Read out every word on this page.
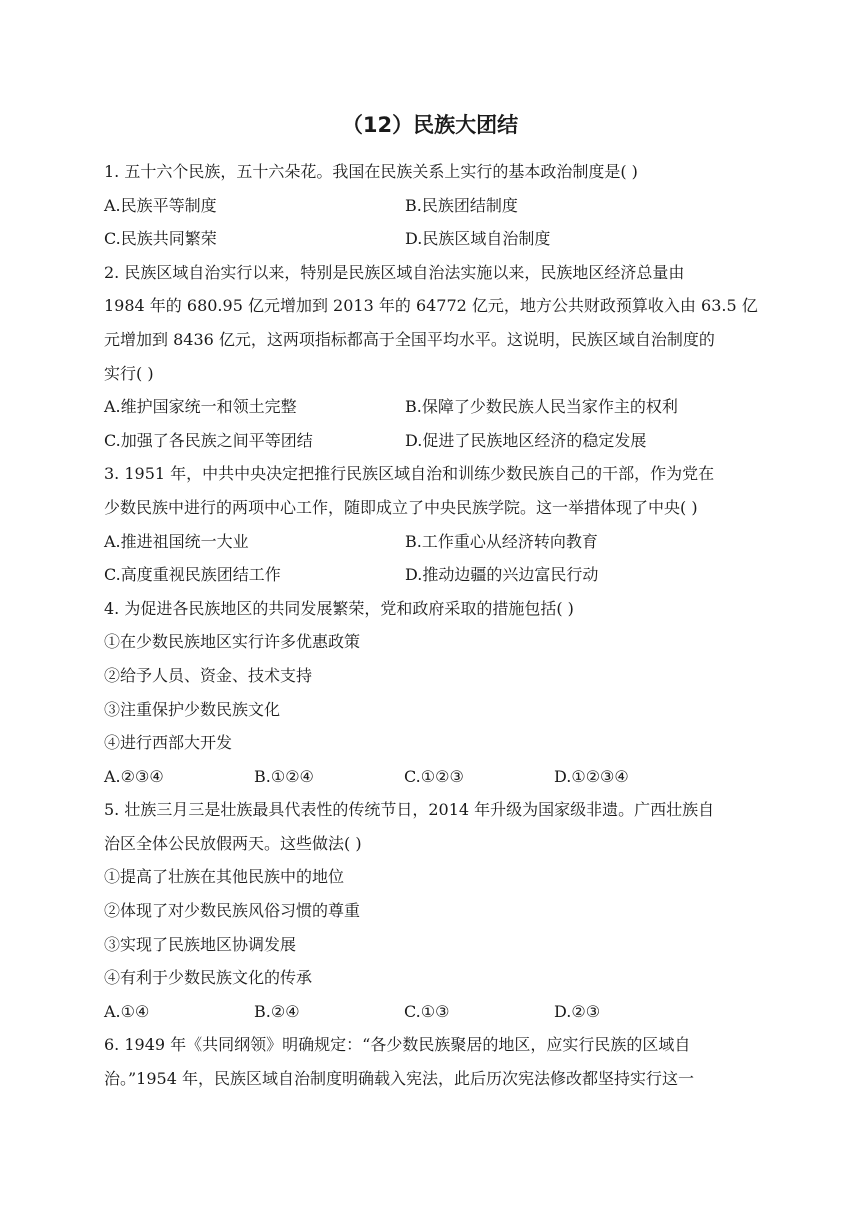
（12）民族大团结
1. 五十六个民族，五十六朵花。我国在民族关系上实行的基本政治制度是( )
A.民族平等制度	B.民族团结制度
C.民族共同繁荣	D.民族区域自治制度
2. 民族区域自治实行以来，特别是民族区域自治法实施以来，民族地区经济总量由
1984 年的 680.95 亿元增加到 2013 年的 64772 亿元，地方公共财政预算收入由 63.5 亿
元增加到 8436 亿元，这两项指标都高于全国平均水平。这说明，民族区域自治制度的
实行( )
A.维护国家统一和领土完整	B.保障了少数民族人民当家作主的权利
C.加强了各民族之间平等团结	D.促进了民族地区经济的稳定发展
3. 1951 年，中共中央决定把推行民族区域自治和训练少数民族自己的干部，作为党在
少数民族中进行的两项中心工作，随即成立了中央民族学院。这一举措体现了中央( )
A.推进祖国统一大业	B.工作重心从经济转向教育
C.高度重视民族团结工作	D.推动边疆的兴边富民行动
4. 为促进各民族地区的共同发展繁荣，党和政府采取的措施包括( )
①在少数民族地区实行许多优惠政策
②给予人员、资金、技术支持
③注重保护少数民族文化
④进行西部大开发
A.②③④	B.①②④	C.①②③	D.①②③④
5. 壮族三月三是壮族最具代表性的传统节日，2014 年升级为国家级非遗。广西壮族自
治区全体公民放假两天。这些做法( )
①提高了壮族在其他民族中的地位
②体现了对少数民族风俗习惯的尊重
③实现了民族地区协调发展
④有利于少数民族文化的传承
A.①④	B.②④	C.①③	D.②③
6. 1949 年《共同纲领》明确规定：“各少数民族聚居的地区，应实行民族的区域自
治。”1954 年，民族区域自治制度明确载入宪法，此后历次宪法修改都坚持实行这一
